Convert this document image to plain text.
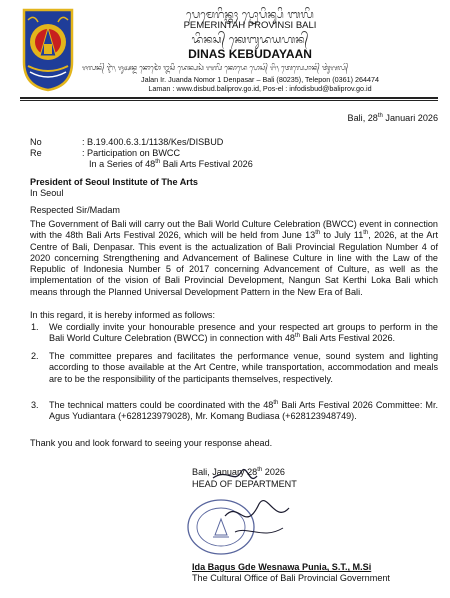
ᬧᬾᬫᬾᬭᬶᬦ᭄ᬢᬄ ᬧ᭄ᬭᭀᬧᬶᬦ᭄ᬲᬶ ᬩᬮᬶ
PEMERINTAH PROVINSI BALI
ᬤᬶᬦᬲ᭄ ᬓᬾᬩᬸᬤᬬᬳᬦ᭄
DINAS KEBUDAYAAN
ᬚᬮᬦ᭄ ᬇᬃ᭞ ᬚᬸᬅᬦ᭄ᬤ ᬦᭀᬫᭀᬃ ᬑᬲᬶ ᬤᬾᬦ᭄ᬧᬲᬃ ᬩᬮᬶ ᬓᭀᬤᬾ ᬧᭀᬲ᭄ ᬗᬶ᭞ ᬢᬾᬮ᭄ᬧᭀᬦ᭄ ᬢᬸᬂᬕᬮ᭄
Jalan Ir. Juanda Nomor 1 Denpasar – Bali (80235), Telepon (0361) 264474
Laman : www.disbud.baliprov.go.id, Pos-el : infodisbud@baliprov.go.id
Bali, 28th Januari 2026
No	: B.19.400.6.3.1/1138/Kes/DISBUD
Re	: Participation on BWCC
In a Series of 48th Bali Arts Festival 2026
President of Seoul Institute of The Arts
In Seoul
Respected Sir/Madam
The Government of Bali will carry out the Bali World Culture Celebration (BWCC) event in connection with the 48th Bali Arts Festival 2026, which will be held from June 13th to July 11th, 2026, at the Art Centre of Bali, Denpasar. This event is the actualization of Bali Provincial Regulation Number 4 of 2020 concerning Strengthening and Advancement of Balinese Culture in line with the Law of the Republic of Indonesia Number 5 of 2017 concerning Advancement of Culture, as well as the implementation of the vision of Bali Provincial Development, Nangun Sat Kerthi Loka Bali which means through the Planned Universal Development Pattern in the New Era of Bali.
In this regard, it is hereby informed as follows:
1. We cordially invite your honourable presence and your respected art groups to perform in the Bali World Culture Celebration (BWCC) in connection with 48th Bali Arts Festival 2026.
2. The committee prepares and facilitates the performance venue, sound system and lighting according to those available at the Art Centre, while transportation, accommodation and meals are to be the responsibility of the participants themselves, respectively.
3. The technical matters could be coordinated with the 48th Bali Arts Festival 2026 Committee: Mr. Agus Yudiantara (+628123979028), Mr. Komang Budiasa (+628123948749).
Thank you and look forward to seeing your response ahead.
Bali, January 28th 2026
HEAD OF DEPARTMENT
Ida Bagus Gde Wesnawa Punia, S.T., M.Si
The Cultural Office of Bali Provincial Government
